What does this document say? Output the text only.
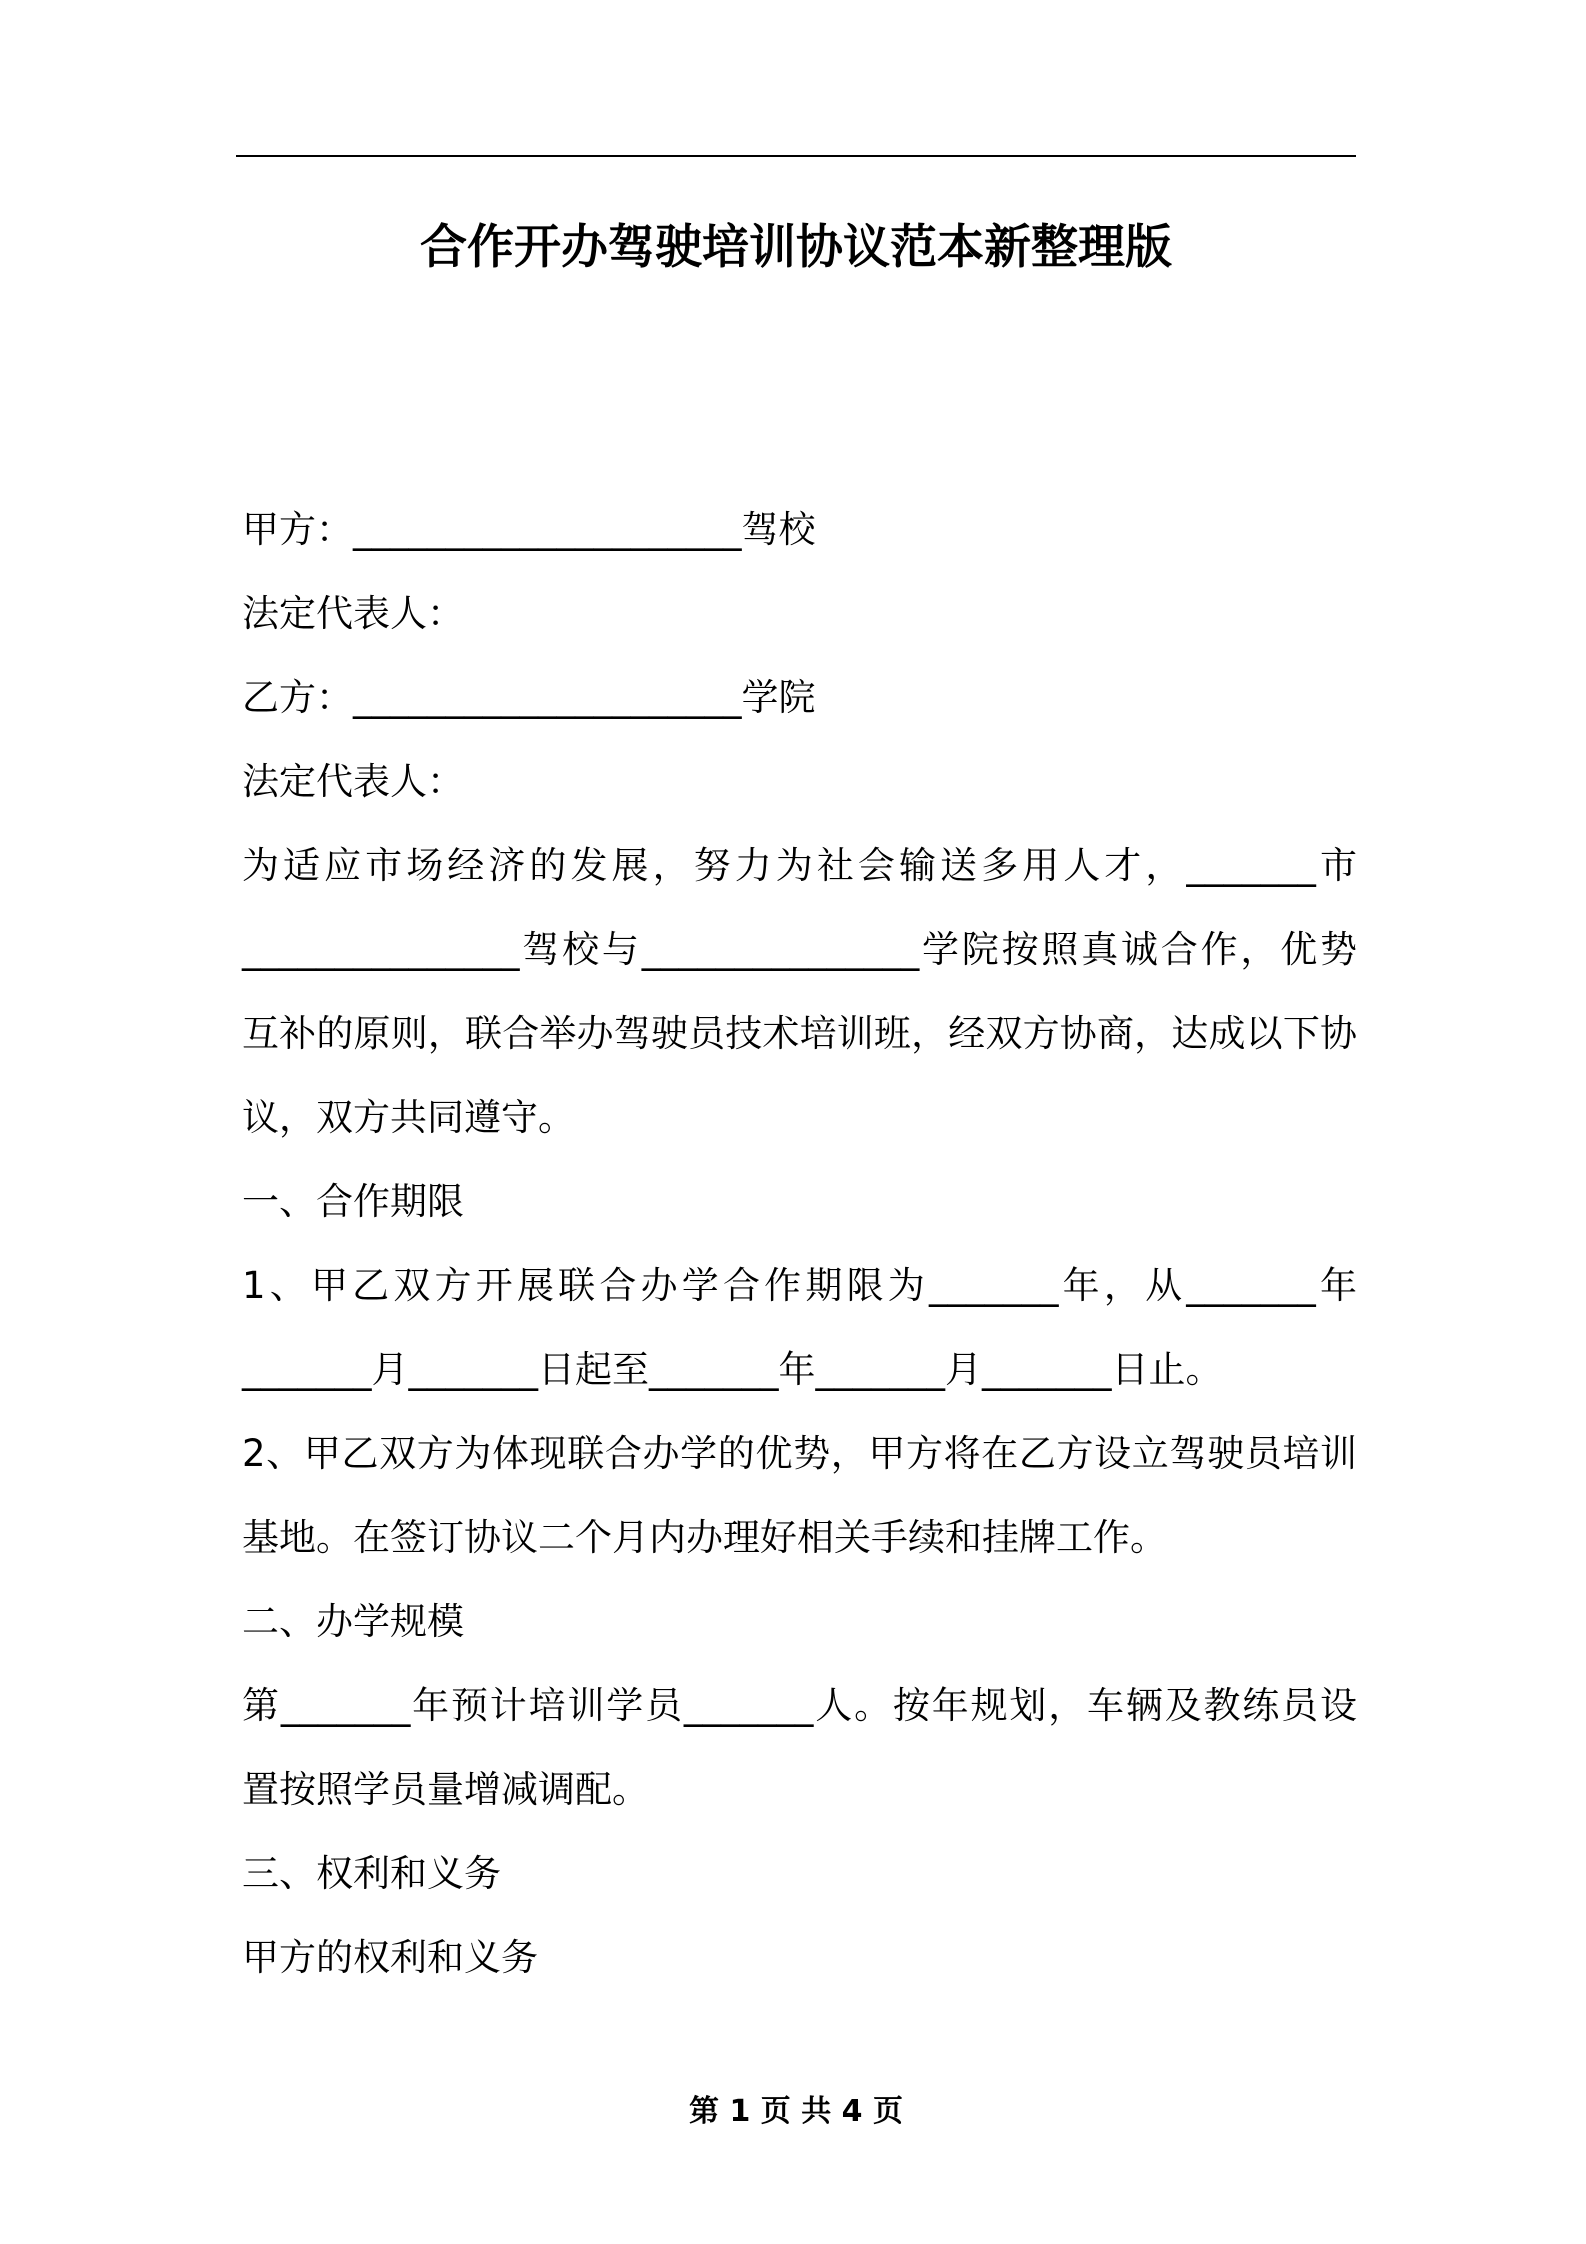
合作开办驾驶培训协议范本新整理版
甲方：_____________________驾校
法定代表人：
乙方：_____________________学院
法定代表人：
为适应市场经济的发展，努力为社会输送多用人才，_______市
_______________驾校与_______________学院按照真诚合作，优势
互补的原则，联合举办驾驶员技术培训班，经双方协商，达成以下协
议，双方共同遵守。
一、合作期限
1、甲乙双方开展联合办学合作期限为_______年，从_______年
_______月_______日起至_______年_______月_______日止。
2、甲乙双方为体现联合办学的优势，甲方将在乙方设立驾驶员培训
基地。在签订协议二个月内办理好相关手续和挂牌工作。
二、办学规模
第_______年预计培训学员_______人。按年规划，车辆及教练员设
置按照学员量增减调配。
三、权利和义务
甲方的权利和义务
第 1 页 共 4 页
